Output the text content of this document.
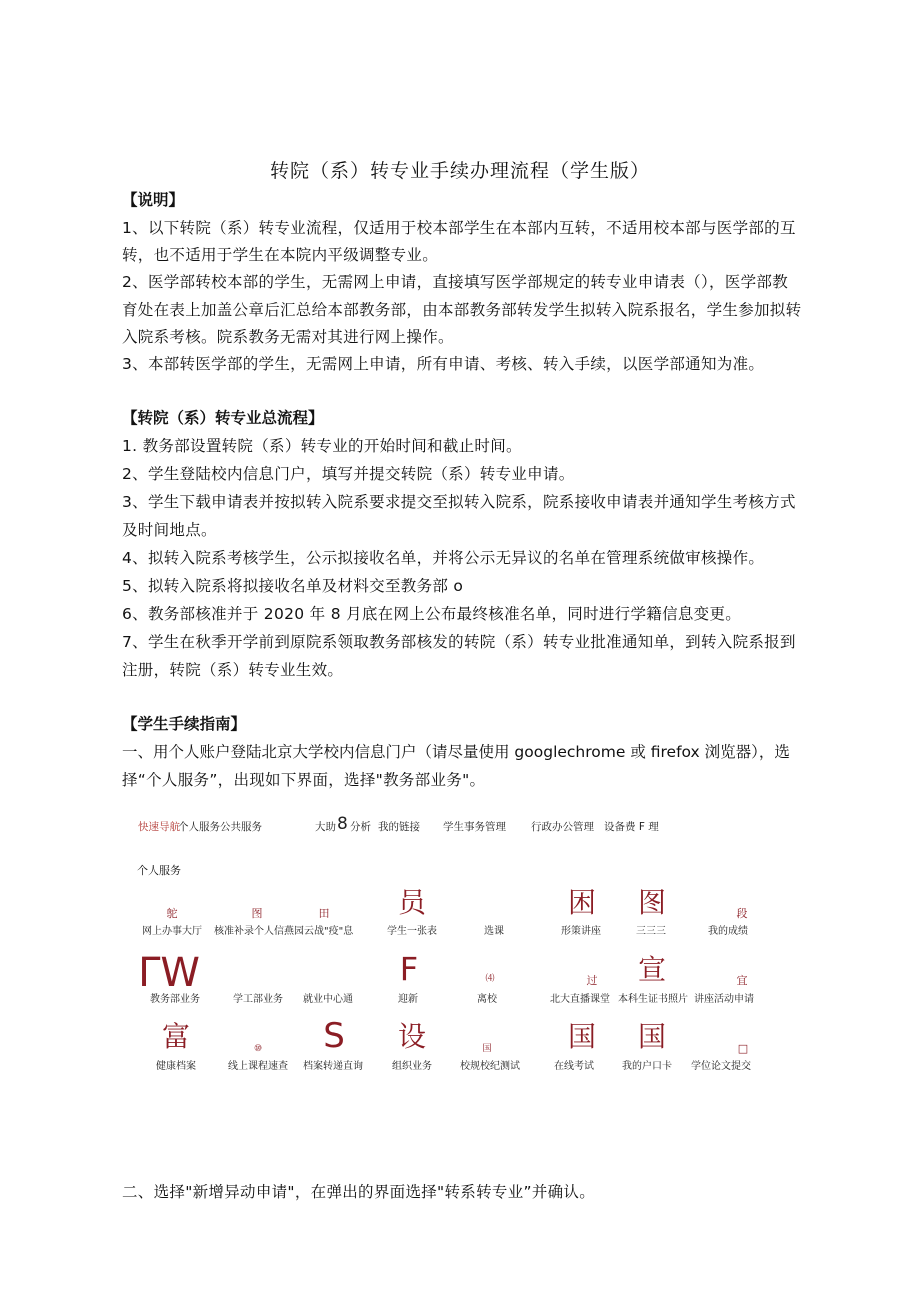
转院（系）转专业手续办理流程（学生版）
【说明】
1、以下转院（系）转专业流程，仅适用于校本部学生在本部内互转，不适用校本部与医学部的互
转，也不适用于学生在本院内平级调整专业。
2、医学部转校本部的学生，无需网上申请，直接填写医学部规定的转专业申请表（），医学部教
育处在表上加盖公章后汇总给本部教务部，由本部教务部转发学生拟转入院系报名，学生参加拟转
入院系考核。院系教务无需对其进行网上操作。
3、本部转医学部的学生，无需网上申请，所有申请、考核、转入手续，以医学部通知为准。
【转院（系）转专业总流程】
1. 教务部设置转院（系）转专业的开始时间和截止时间。
2、学生登陆校内信息门户，填写并提交转院（系）转专业申请。
3、学生下载申请表并按拟转入院系要求提交至拟转入院系，院系接收申请表并通知学生考核方式
及时间地点。
4、拟转入院系考核学生，公示拟接收名单，并将公示无异议的名单在管理系统做审核操作。
5、拟转入院系将拟接收名单及材料交至教务部 o
6、教务部核准并于 2020 年 8 月底在网上公布最终核准名单，同时进行学籍信息变更。
7、学生在秋季开学前到原院系领取教务部核发的转院（系）转专业批准通知单，到转入院系报到
注册，转院（系）转专业生效。
【学生手续指南】
一、用个人账户登陆北京大学校内信息门户（请尽量使用 googlechrome 或 firefox 浏览器），选
择“个人服务”，出现如下界面，选择"教务部业务"。
快速导航
个人服务公共服务	大助 8 分析 我的链接 学生事务管理 行政办公管理 设备费 F 理
个人服务
鸵
网上办事大厅
图
核准补录个人信燕园云战"疫"息
田 员
学生一张表	选课
困
形策讲座
图
三三三
段
我的成绩
ΓW
教务部业务	学工部业务	就业中心通
F
迎新
⑷
离校
过
北大直播课堂
宣
本科生证书照片
宜
讲座活动申请
富
健康档案
⑩
线上课程速查
S
档案转递直询
设
组织业务
国
校规校纪测试
国
在线考试
国
我的户口卡
□
学位论文提交
二、选择"新增异动申请"，在弹出的界面选择"转系转专业”并确认。
